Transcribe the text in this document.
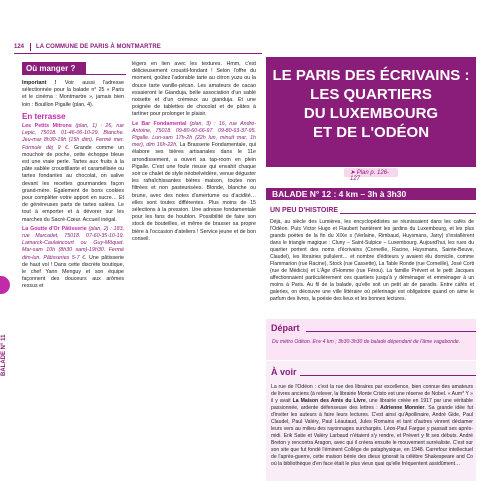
124 LA COMMUNE DE PARIS À MONTMARTRE
BALADE N° 11
Où manger ?

Important ! Voir aussi l'adresse sélectionnée pour la balade n° 25 « Paris et le cinéma : Montmartre », jamais bien loin : Bouillon Pigalle (plan, 4).

En terrasse

Les Petits Mitrons (plan, 1) : 26, rue Lepic, 75018. 01-46-06-10-29. Blanche. Jeu-mar 8h30-19h (15h dim). Fermé mer. Formule déj 9 €. Grande comme un mouchoir de poche, cette échoppe bleue est une vraie perle. Tartes aux fruits à la pâte sablée croustillante et caramélisée ou tartes fondantes au chocolat, on salive devant les recettes gourmandes façon grand-mère. Également de bons cookies pour compléter votre apport en sucre… Et de généreuses parts de tartes salées. Le tout à emporter et à dévorer sur les marches du Sacré-Cœur. Accueil inégal.

La Goutte d'Or Pâtisserie (plan, 2) : 183, rue Marcadet, 75018. 07-60-35-10-19. Lamarck-Caulaincourt ou Guy-Môquet. Mar-sam 10h (8h30 sam)-19h30. Fermé dim-lun. Pâtisseries 5-7 €. Une pâtisserie de haut vol ! Dans cette discrète boutique, le chef Yann Menguy et son équipe façonnent des douceurs aux arômes ressus et

légers en lien avec les textures. Hmm, c'est délicieusement croustil-fondant ! Selon l'offre du moment, goûtez l'adorable tarte au citron yuzu ou la douce tarte vanille-pécan. Les amateurs de cacao essaieront le Gianduja, belle association d'un sablé noisette et d'un crémeux au gianduja. Et une poignée de tablettes de chocolat et de pâtes à tartiner pour prolonger le plaisir.

Le Bar Fondamental (plan, 3) : 16, rue André-Antoine, 75018. 09-80-60-66-97. 09-80-63-37-95. Pigalle. Lun-sam 17h-2h (22h lun, minuit mar, 1h mer), dim 16h-22h. La Brasserie Fondamentale, qui élabore ses bières artisanales dans le 11e arrondissement, a ouvert sa tap-room en plein Pigalle. C'est une foule rieuse qui envahit chaque soir ce chalet de style néobelvédère, venue déguster les rafraîchissantes bières maison, toutes non filtrées et non pasteurisées. Blonde, blanche ou brune, avec des notes d'amertume ou d'acidité… elles sont toutes différentes. Plus moins de 15 sélections à la pression. Une adresse fondamentale pour les fans de houblon. Possibilité de faire son stock de bouteilles, et même de brasser sa propre bière à l'occasion d'ateliers ! Service jeune et de bon conseil.

LE PARIS DES ÉCRIVAINS :
LES QUARTIERS
DU LUXEMBOURG
ET DE L'ODÉON
➤ Plan p. 126-127
BALADE N° 12 : 4 km – 3h à 3h30
UN PEU D'HISTOIRE

Déjà, au siècle des Lumières, les encyclopédistes se réunissaient dans les cafés de l'Odéon. Puis Victor Hugo et Flaubert hantèrent les jardins du Luxembourg, et les plus grands poètes de la fin du XIXe s (Verlaine, Rimbaud, Huysmans, Jarry) s'installèrent dans le triangle magique : Cluny – Saint-Sulpice – Luxembourg. Aujourd'hui, les rues du quartier portent des noms d'écrivains (Corneille, Racine, Huysmans, Sainte-Beuve, Claudel), les librairies pullulent… et nombre d'éditeurs y avaient élu domicile, comme Flammarion (rue Racine), Stock (rue Cassette), La Table Ronde (rue Corneille), José Corti (rue de Médicis) et L'Âge d'Homme (rue Férou). La famille Prévert et le petit Jacques affectionnaient particulièrement ces quartiers jusqu'à y déménager et emménager à un moins à Paris. Au fil de la balade, qu'elle soit un petit air de paradis. Entre cafés et galeries, on découvre une ville littéraire où pèlerinage est obligatoire quand on aime le parfum des livres, la poésie des lieux et les bonnes lectures.

Départ

Du métro Odéon. Env 4 km ; 3h30-3h30 de balade dépendant de l'âme vagabonde.

À voir

La rue de l'Odéon : c'est la rue des libraires par excellence, bien connue des amateurs de livres anciens (à relever, la librairie Monte Cristo est une réserve de Nobel. « Aum* Y » il y avait La Maison des Amis du Livre, une librairie créée en 1917 par une véritable passionnée, ardente défenseuse des lettres : Adrienne Monnier. Sa grande idée fut d'inviter les auteurs à faire leurs lectures. C'est ainsi qu'Apollinaire, André Gide, Paul Claudel, Paul Valéry, Paul Léautaud, Jules Romains et tant d'autres vinrent déclamer leurs vers au milieu des rayonnages surchargés. Léon-Paul Fargue y passait ses après-midi. Erik Satie et Valéry Larbaud n'étaient s'y rendre, et Prévert y fit ses débuts. André Breton y rencontra Aragon, avec qui il créera ensuite le mouvement surréaliste. C'est sur son site que fut fondé l'éminent Collège de pataphysique, en 1948. Carrefour intellectuel de l'après-guerre, cette maison bénie des dieux ignorait la célèbre Shakespeare and Co où la bibliothèque d'en face était le plus vieux quai qu'elle fréquentent assidûment…
